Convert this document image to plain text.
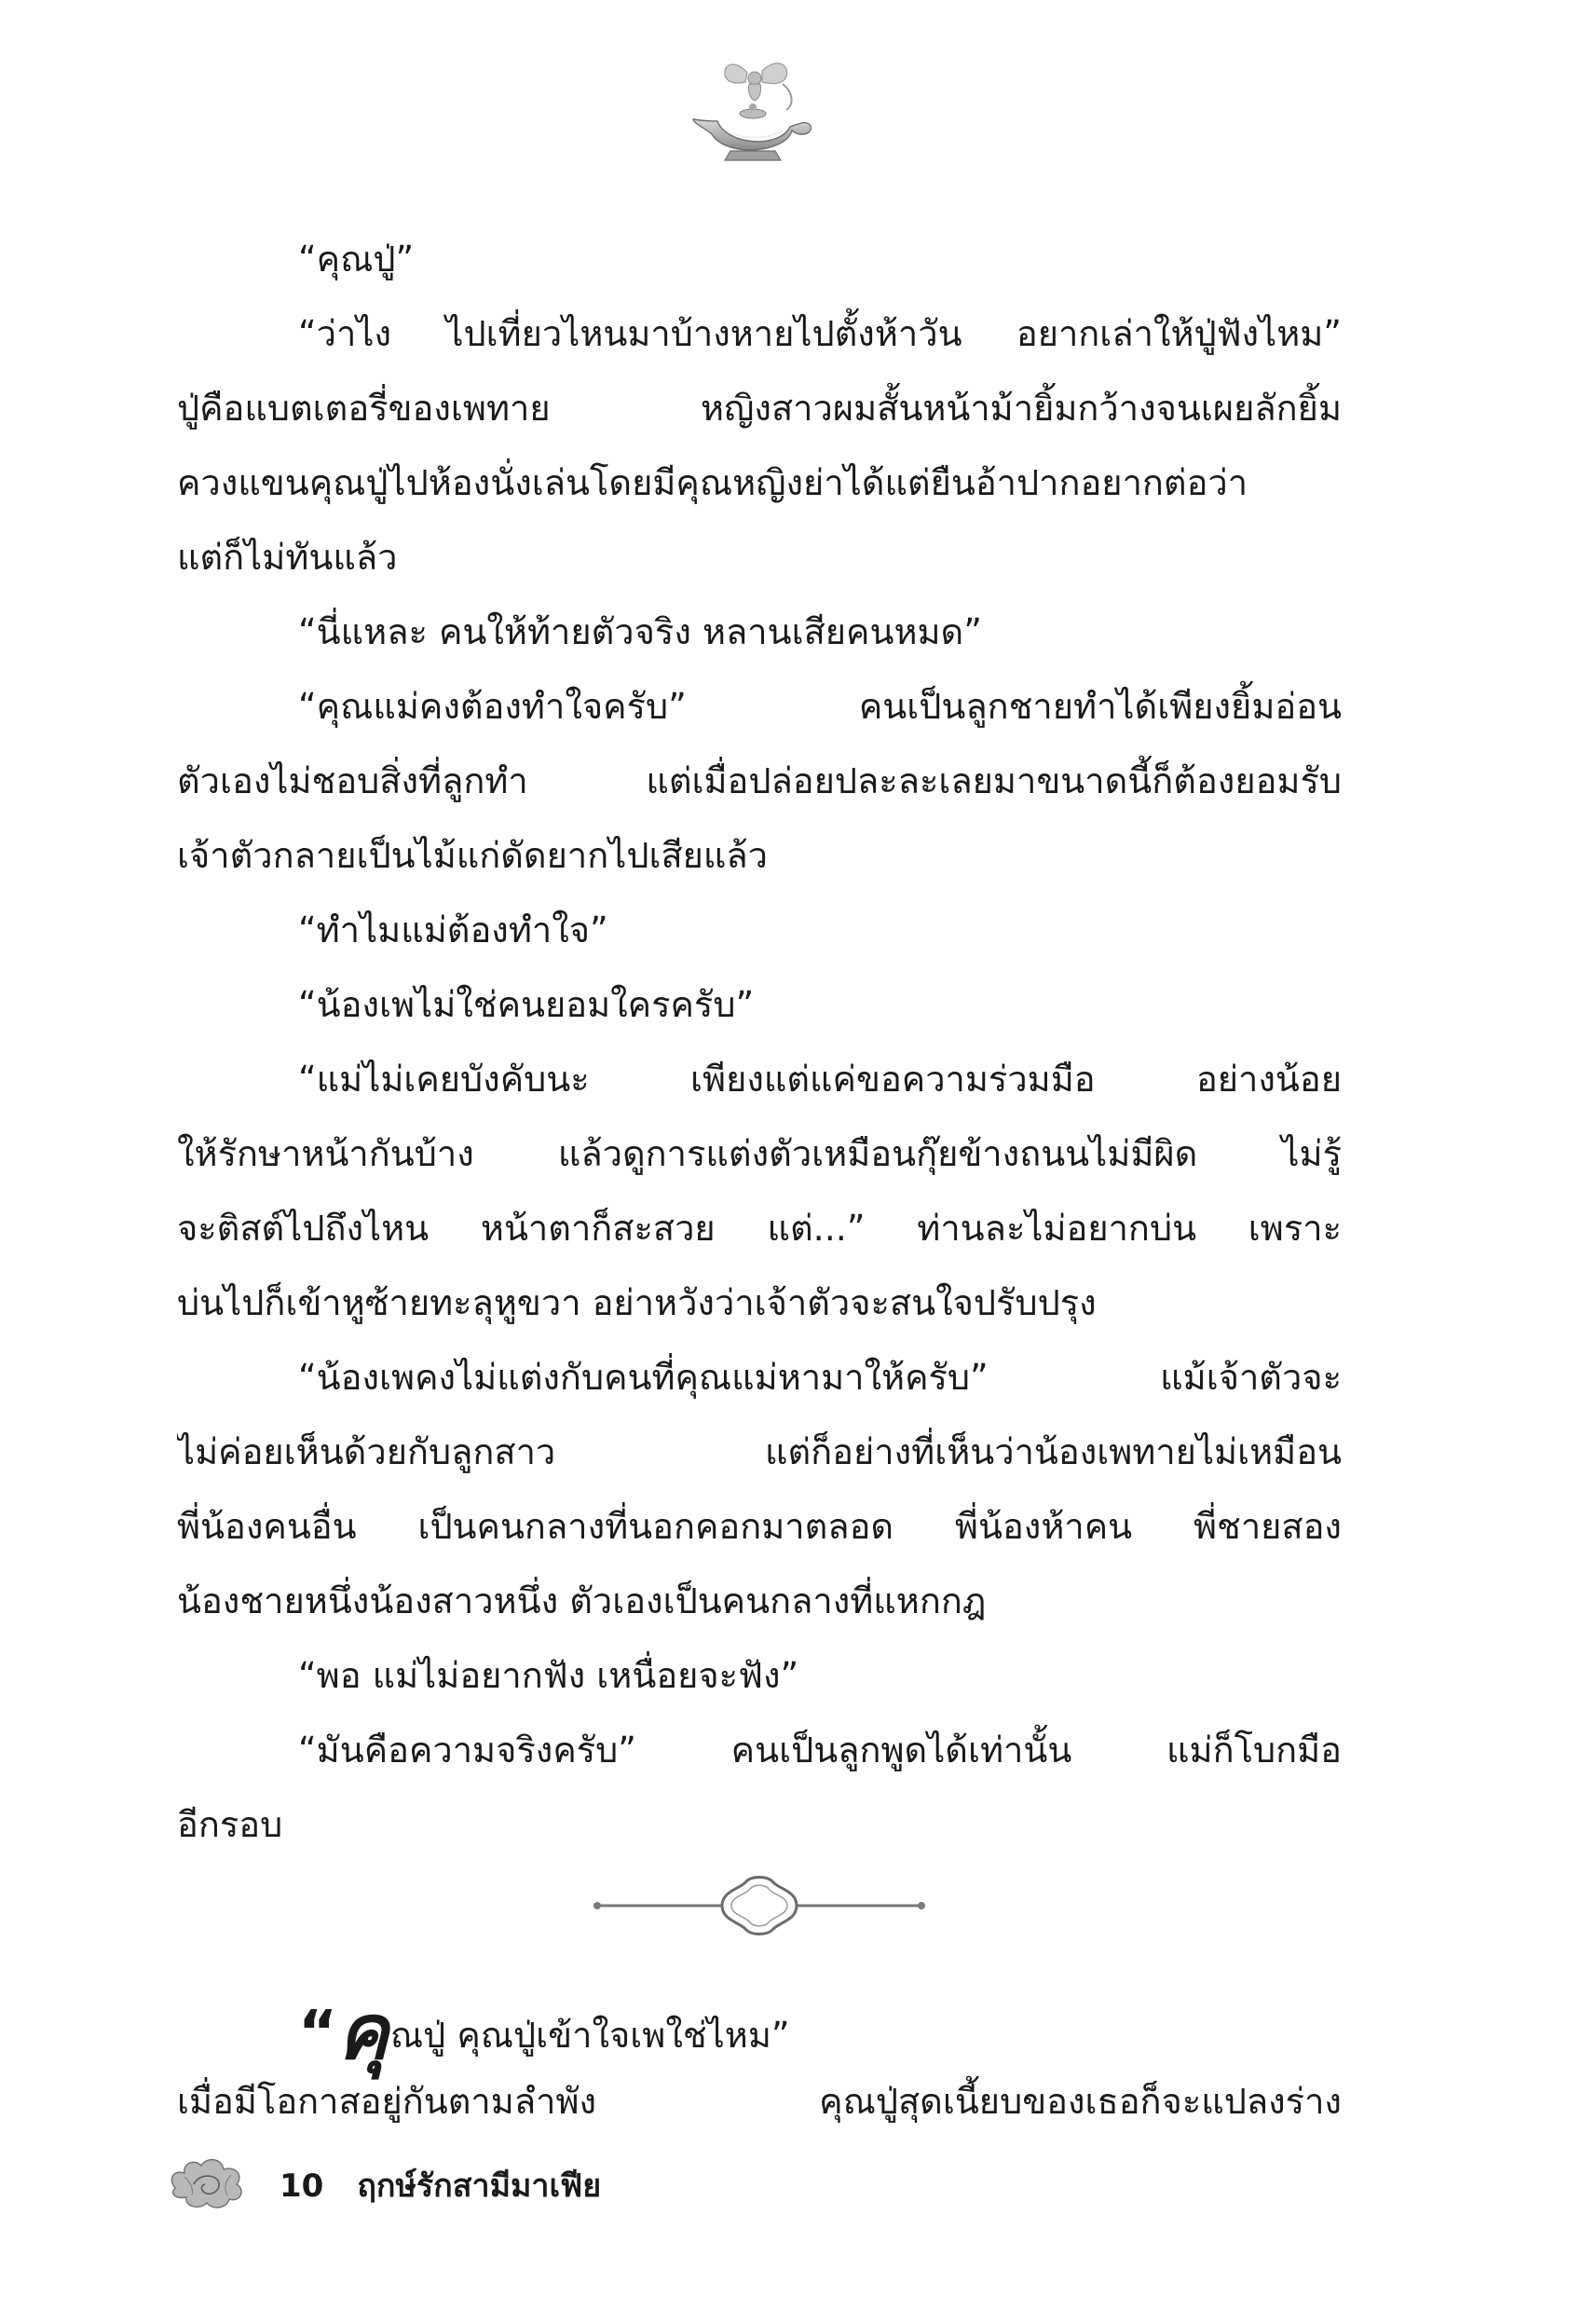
“คุณปู่”
“ว่าไง ไปเที่ยวไหนมาบ้างหายไปตั้งห้าวัน อยากเล่าให้ปู่ฟังไหม”
ปู่คือแบตเตอรี่ของเพทาย หญิงสาวผมสั้นหน้าม้ายิ้มกว้างจนเผยลักยิ้ม
ควงแขนคุณปู่ไปห้องนั่งเล่นโดยมีคุณหญิงย่าได้แต่ยืนอ้าปากอยากต่อว่า
แต่ก็ไม่ทันแล้ว
“นี่แหละ คนให้ท้ายตัวจริง หลานเสียคนหมด”
“คุณแม่คงต้องทำใจครับ” คนเป็นลูกชายทำได้เพียงยิ้มอ่อน
ตัวเองไม่ชอบสิ่งที่ลูกทำ แต่เมื่อปล่อยปละละเลยมาขนาดนี้ก็ต้องยอมรับ
เจ้าตัวกลายเป็นไม้แก่ดัดยากไปเสียแล้ว
“ทำไมแม่ต้องทำใจ”
“น้องเพไม่ใช่คนยอมใครครับ”
“แม่ไม่เคยบังคับนะ เพียงแต่แค่ขอความร่วมมือ อย่างน้อย
ให้รักษาหน้ากันบ้าง แล้วดูการแต่งตัวเหมือนกุ๊ยข้างถนนไม่มีผิด ไม่รู้
จะติสต์ไปถึงไหน หน้าตาก็สะสวย แต่...” ท่านละไม่อยากบ่น เพราะ
บ่นไปก็เข้าหูซ้ายทะลุหูขวา อย่าหวังว่าเจ้าตัวจะสนใจปรับปรุง
“น้องเพคงไม่แต่งกับคนที่คุณแม่หามาให้ครับ” แม้เจ้าตัวจะ
ไม่ค่อยเห็นด้วยกับลูกสาว แต่ก็อย่างที่เห็นว่าน้องเพทายไม่เหมือน
พี่น้องคนอื่น เป็นคนกลางที่นอกคอกมาตลอด พี่น้องห้าคน พี่ชายสอง
น้องชายหนึ่งน้องสาวหนึ่ง ตัวเองเป็นคนกลางที่แหกกฎ
“พอ แม่ไม่อยากฟัง เหนื่อยจะฟัง”
“มันคือความจริงครับ” คนเป็นลูกพูดได้เท่านั้น แม่ก็โบกมือ
อีกรอบ
“คุณปู่ คุณปู่เข้าใจเพใช่ไหม”
เมื่อมีโอกาสอยู่กันตามลำพัง คุณปู่สุดเนี้ยบของเธอก็จะแปลงร่าง
10 ฤกษ์รักสามีมาเฟีย
